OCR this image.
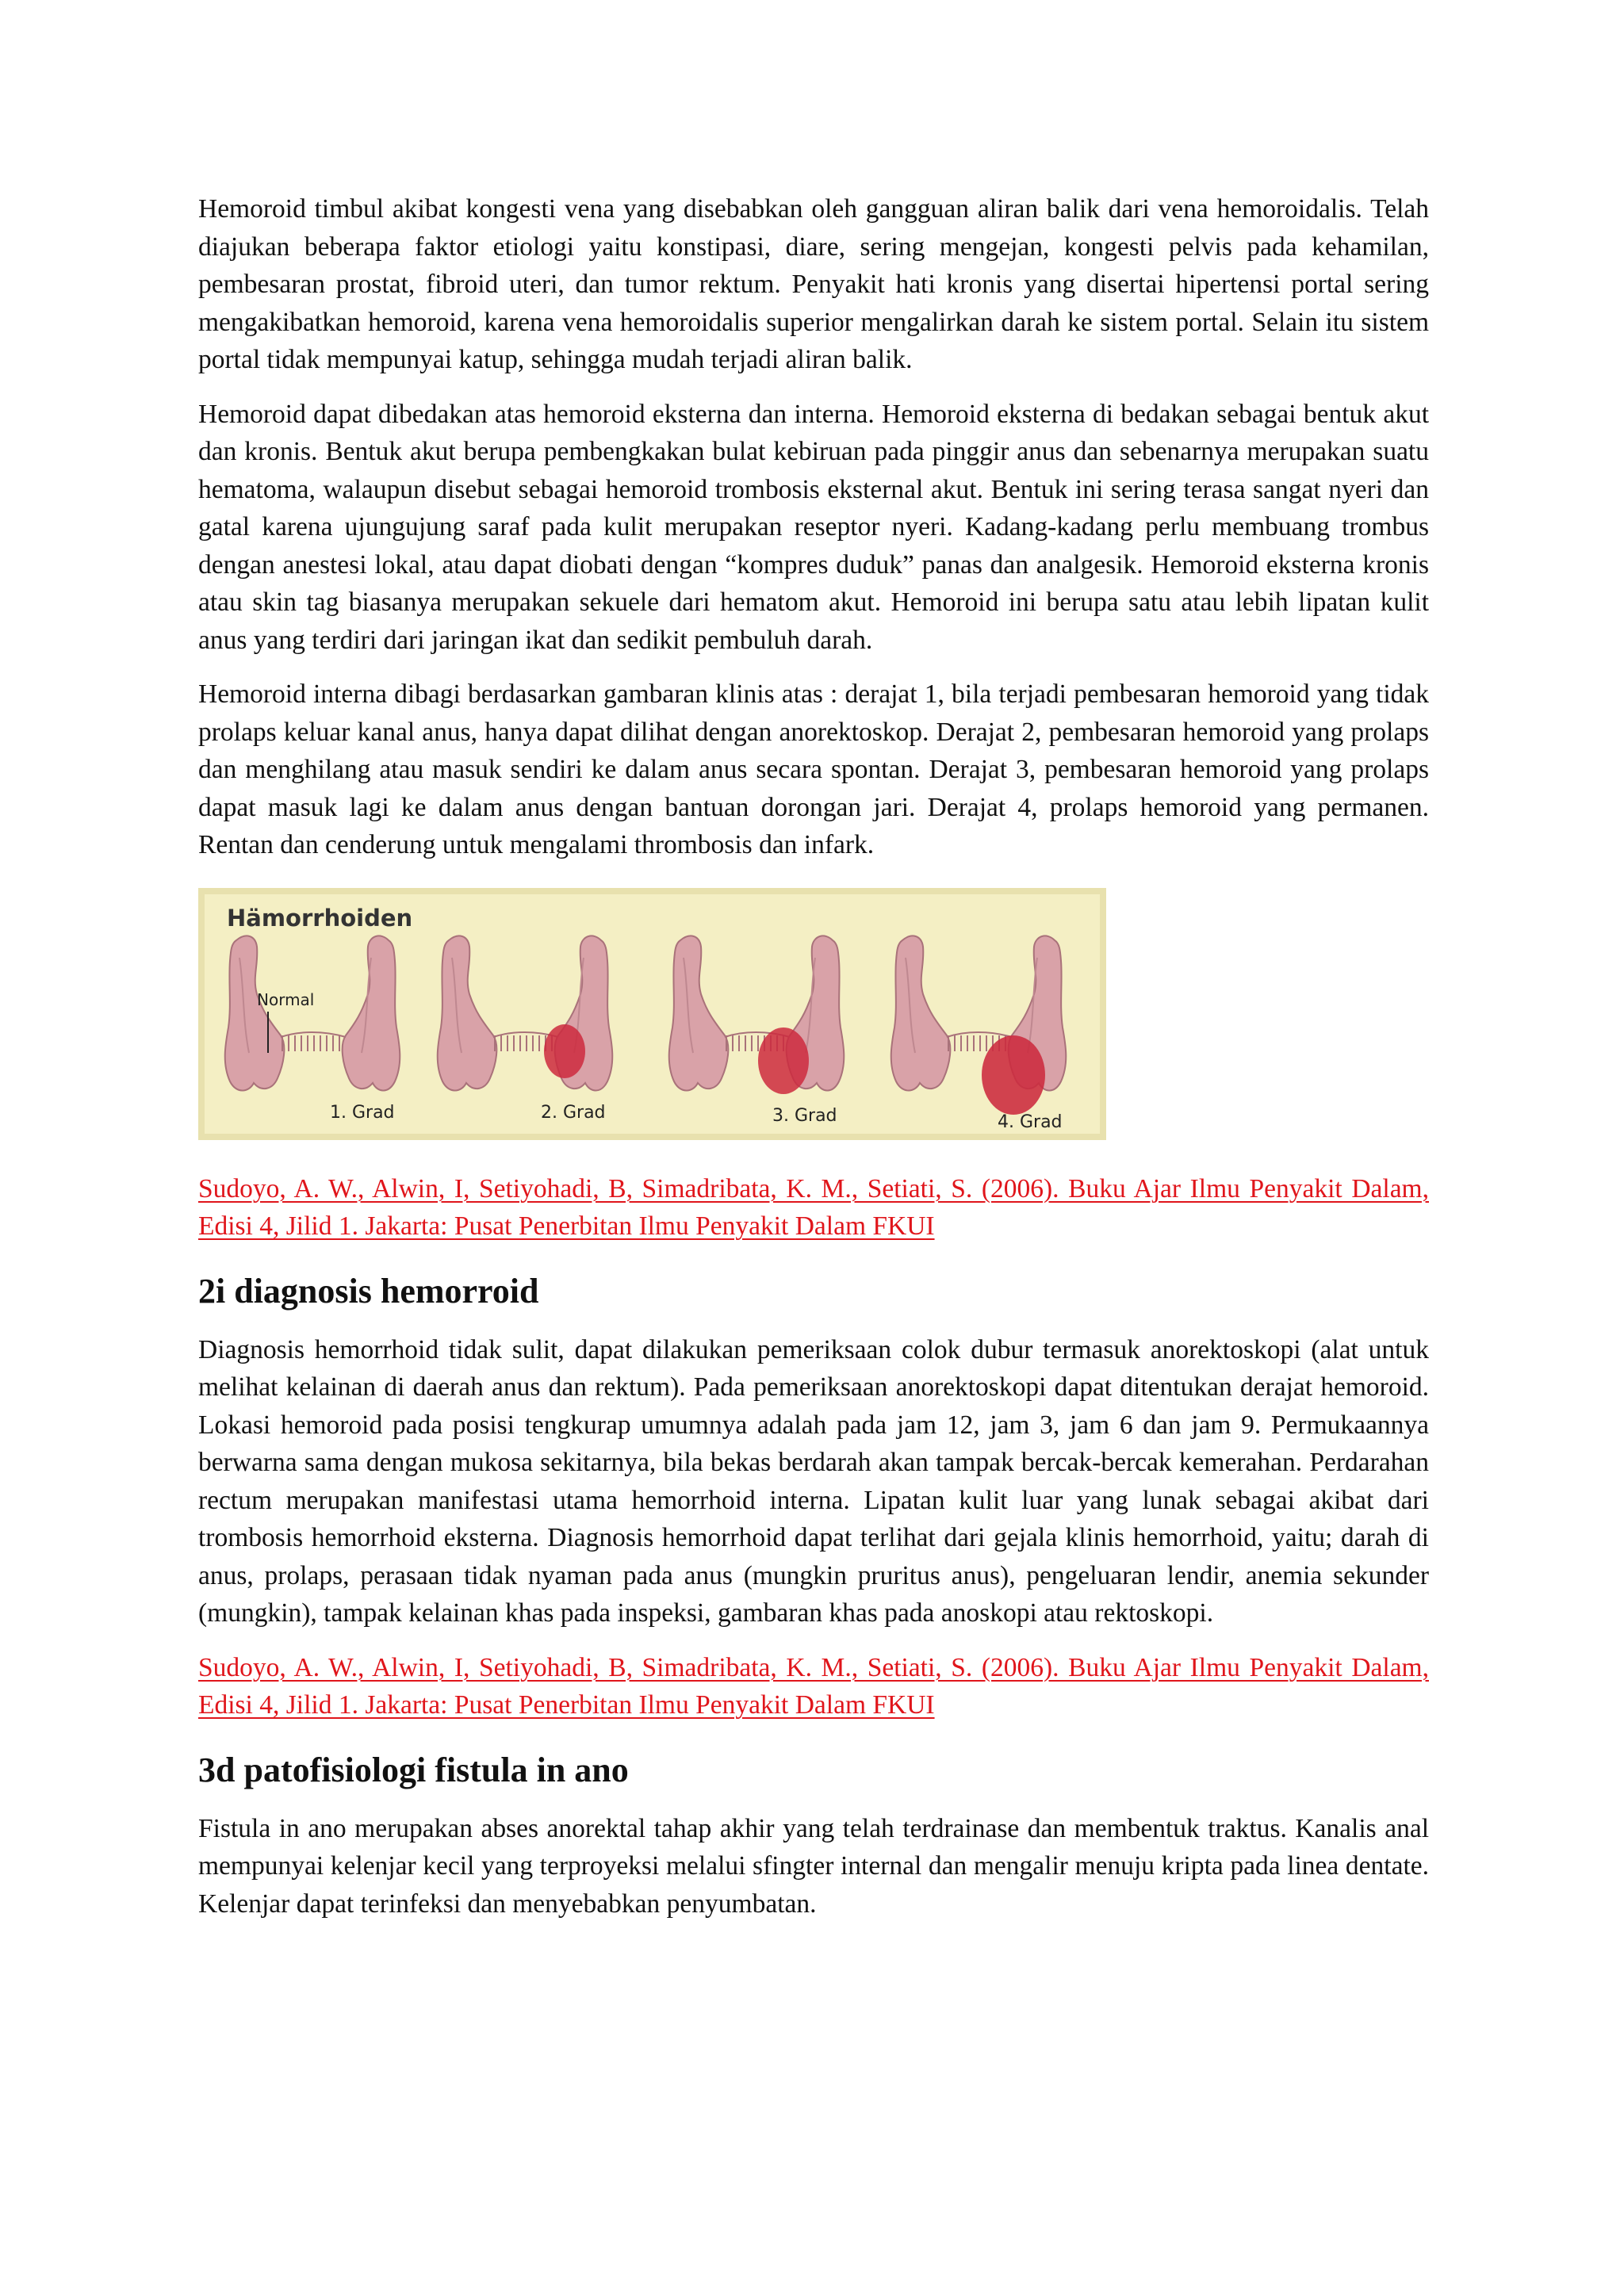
Hemoroid timbul akibat kongesti vena yang disebabkan oleh gangguan aliran balik dari vena hemoroidalis. Telah diajukan beberapa faktor etiologi yaitu konstipasi, diare, sering mengejan, kongesti pelvis pada kehamilan, pembesaran prostat, fibroid uteri, dan tumor rektum. Penyakit hati kronis yang disertai hipertensi portal sering mengakibatkan hemoroid, karena vena hemoroidalis superior mengalirkan darah ke sistem portal. Selain itu sistem portal tidak mempunyai katup, sehingga mudah terjadi aliran balik.

Hemoroid dapat dibedakan atas hemoroid eksterna dan interna. Hemoroid eksterna di bedakan sebagai bentuk akut dan kronis. Bentuk akut berupa pembengkakan bulat kebiruan pada pinggir anus dan sebenarnya merupakan suatu hematoma, walaupun disebut sebagai hemoroid trombosis eksternal akut. Bentuk ini sering terasa sangat nyeri dan gatal karena ujungujung saraf pada kulit merupakan reseptor nyeri. Kadang-kadang perlu membuang trombus dengan anestesi lokal, atau dapat diobati dengan “kompres duduk” panas dan analgesik. Hemoroid eksterna kronis atau skin tag biasanya merupakan sekuele dari hematom akut. Hemoroid ini berupa satu atau lebih lipatan kulit anus yang terdiri dari jaringan ikat dan sedikit pembuluh darah.

Hemoroid interna dibagi berdasarkan gambaran klinis atas : derajat 1, bila terjadi pembesaran hemoroid yang tidak prolaps keluar kanal anus, hanya dapat dilihat dengan anorektoskop. Derajat 2, pembesaran hemoroid yang prolaps dan menghilang atau masuk sendiri ke dalam anus secara spontan. Derajat 3, pembesaran hemoroid yang prolaps dapat masuk lagi ke dalam anus dengan bantuan dorongan jari. Derajat 4, prolaps hemoroid yang permanen. Rentan dan cenderung untuk mengalami thrombosis dan infark.

Hämorrhoiden
Normal
1. Grad	2. Grad	3. Grad	4. Grad

Sudoyo, A. W., Alwin, I, Setiyohadi, B, Simadribata, K. M., Setiati, S. (2006). Buku Ajar Ilmu Penyakit Dalam, Edisi 4, Jilid 1. Jakarta: Pusat Penerbitan Ilmu Penyakit Dalam FKUI

2i diagnosis hemorroid

Diagnosis hemorrhoid tidak sulit, dapat dilakukan pemeriksaan colok dubur termasuk anorektoskopi (alat untuk melihat kelainan di daerah anus dan rektum). Pada pemeriksaan anorektoskopi dapat ditentukan derajat hemoroid. Lokasi hemoroid pada posisi tengkurap umumnya adalah pada jam 12, jam 3, jam 6 dan jam 9. Permukaannya berwarna sama dengan mukosa sekitarnya, bila bekas berdarah akan tampak bercak-bercak kemerahan. Perdarahan rectum merupakan manifestasi utama hemorrhoid interna. Lipatan kulit luar yang lunak sebagai akibat dari trombosis hemorrhoid eksterna. Diagnosis hemorrhoid dapat terlihat dari gejala klinis hemorrhoid, yaitu; darah di anus, prolaps, perasaan tidak nyaman pada anus (mungkin pruritus anus), pengeluaran lendir, anemia sekunder (mungkin), tampak kelainan khas pada inspeksi, gambaran khas pada anoskopi atau rektoskopi.

Sudoyo, A. W., Alwin, I, Setiyohadi, B, Simadribata, K. M., Setiati, S. (2006). Buku Ajar Ilmu Penyakit Dalam, Edisi 4, Jilid 1. Jakarta: Pusat Penerbitan Ilmu Penyakit Dalam FKUI

3d patofisiologi fistula in ano

Fistula in ano merupakan abses anorektal tahap akhir yang telah terdrainase dan membentuk traktus. Kanalis anal mempunyai kelenjar kecil yang terproyeksi melalui sfingter internal dan mengalir menuju kripta pada linea dentate. Kelenjar dapat terinfeksi dan menyebabkan penyumbatan.
